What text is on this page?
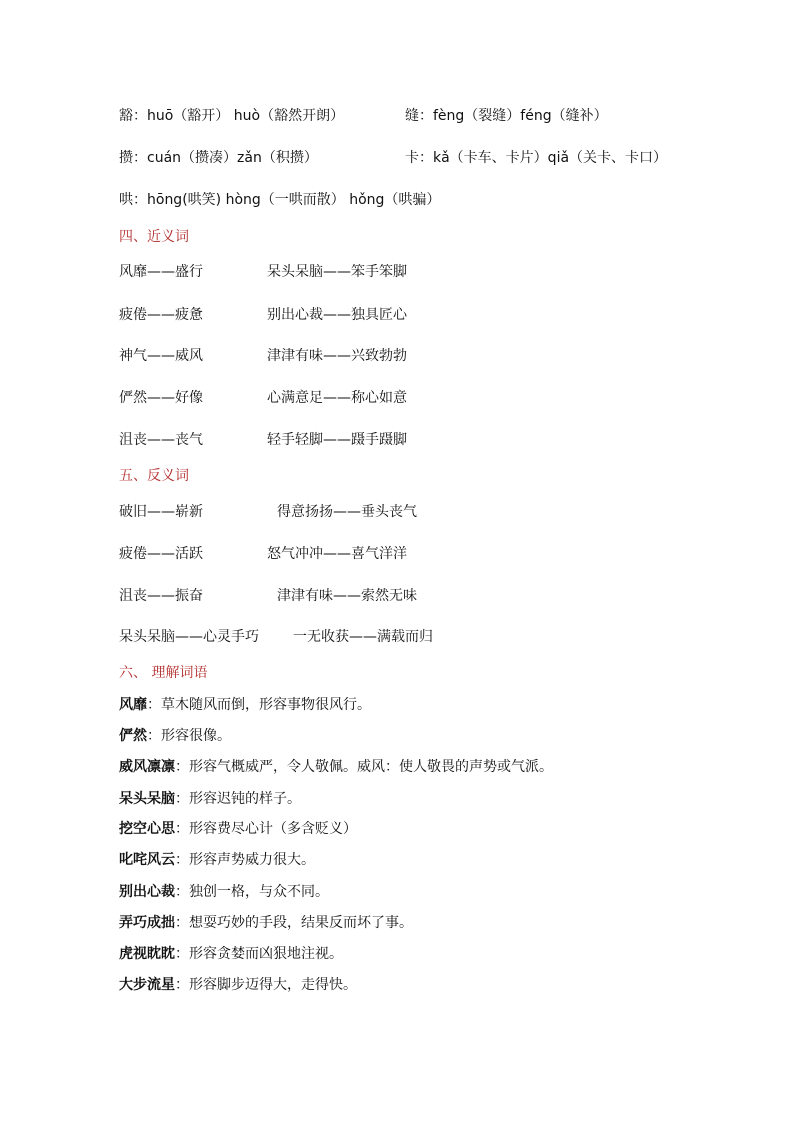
豁：huō（豁开） huò（豁然开朗）	缝：fèng（裂缝）féng（缝补）
攒：cuán（攒凑）zǎn（积攒）	卡：kǎ（卡车、卡片）qiǎ（关卡、卡口）
哄：hōng(哄笑) hòng（一哄而散） hǒng（哄骗）
四、近义词
风靡——盛行	呆头呆脑——笨手笨脚
疲倦——疲惫	别出心裁——独具匠心
神气——威风	津津有味——兴致勃勃
俨然——好像	心满意足——称心如意
沮丧——丧气	轻手轻脚——蹑手蹑脚
五、反义词
破旧——崭新	得意扬扬——垂头丧气
疲倦——活跃	怒气冲冲——喜气洋洋
沮丧——振奋	津津有味——索然无味
呆头呆脑——心灵手巧 一无收获——满载而归
六、 理解词语
风靡：草木随风而倒，形容事物很风行。
俨然：形容很像。
威风凛凛：形容气概威严，令人敬佩。威风：使人敬畏的声势或气派。
呆头呆脑：形容迟钝的样子。
挖空心思：形容费尽心计（多含贬义）
叱咤风云：形容声势威力很大。
别出心裁：独创一格，与众不同。
弄巧成拙：想耍巧妙的手段，结果反而坏了事。
虎视眈眈：形容贪婪而凶狠地注视。
大步流星：形容脚步迈得大，走得快。
